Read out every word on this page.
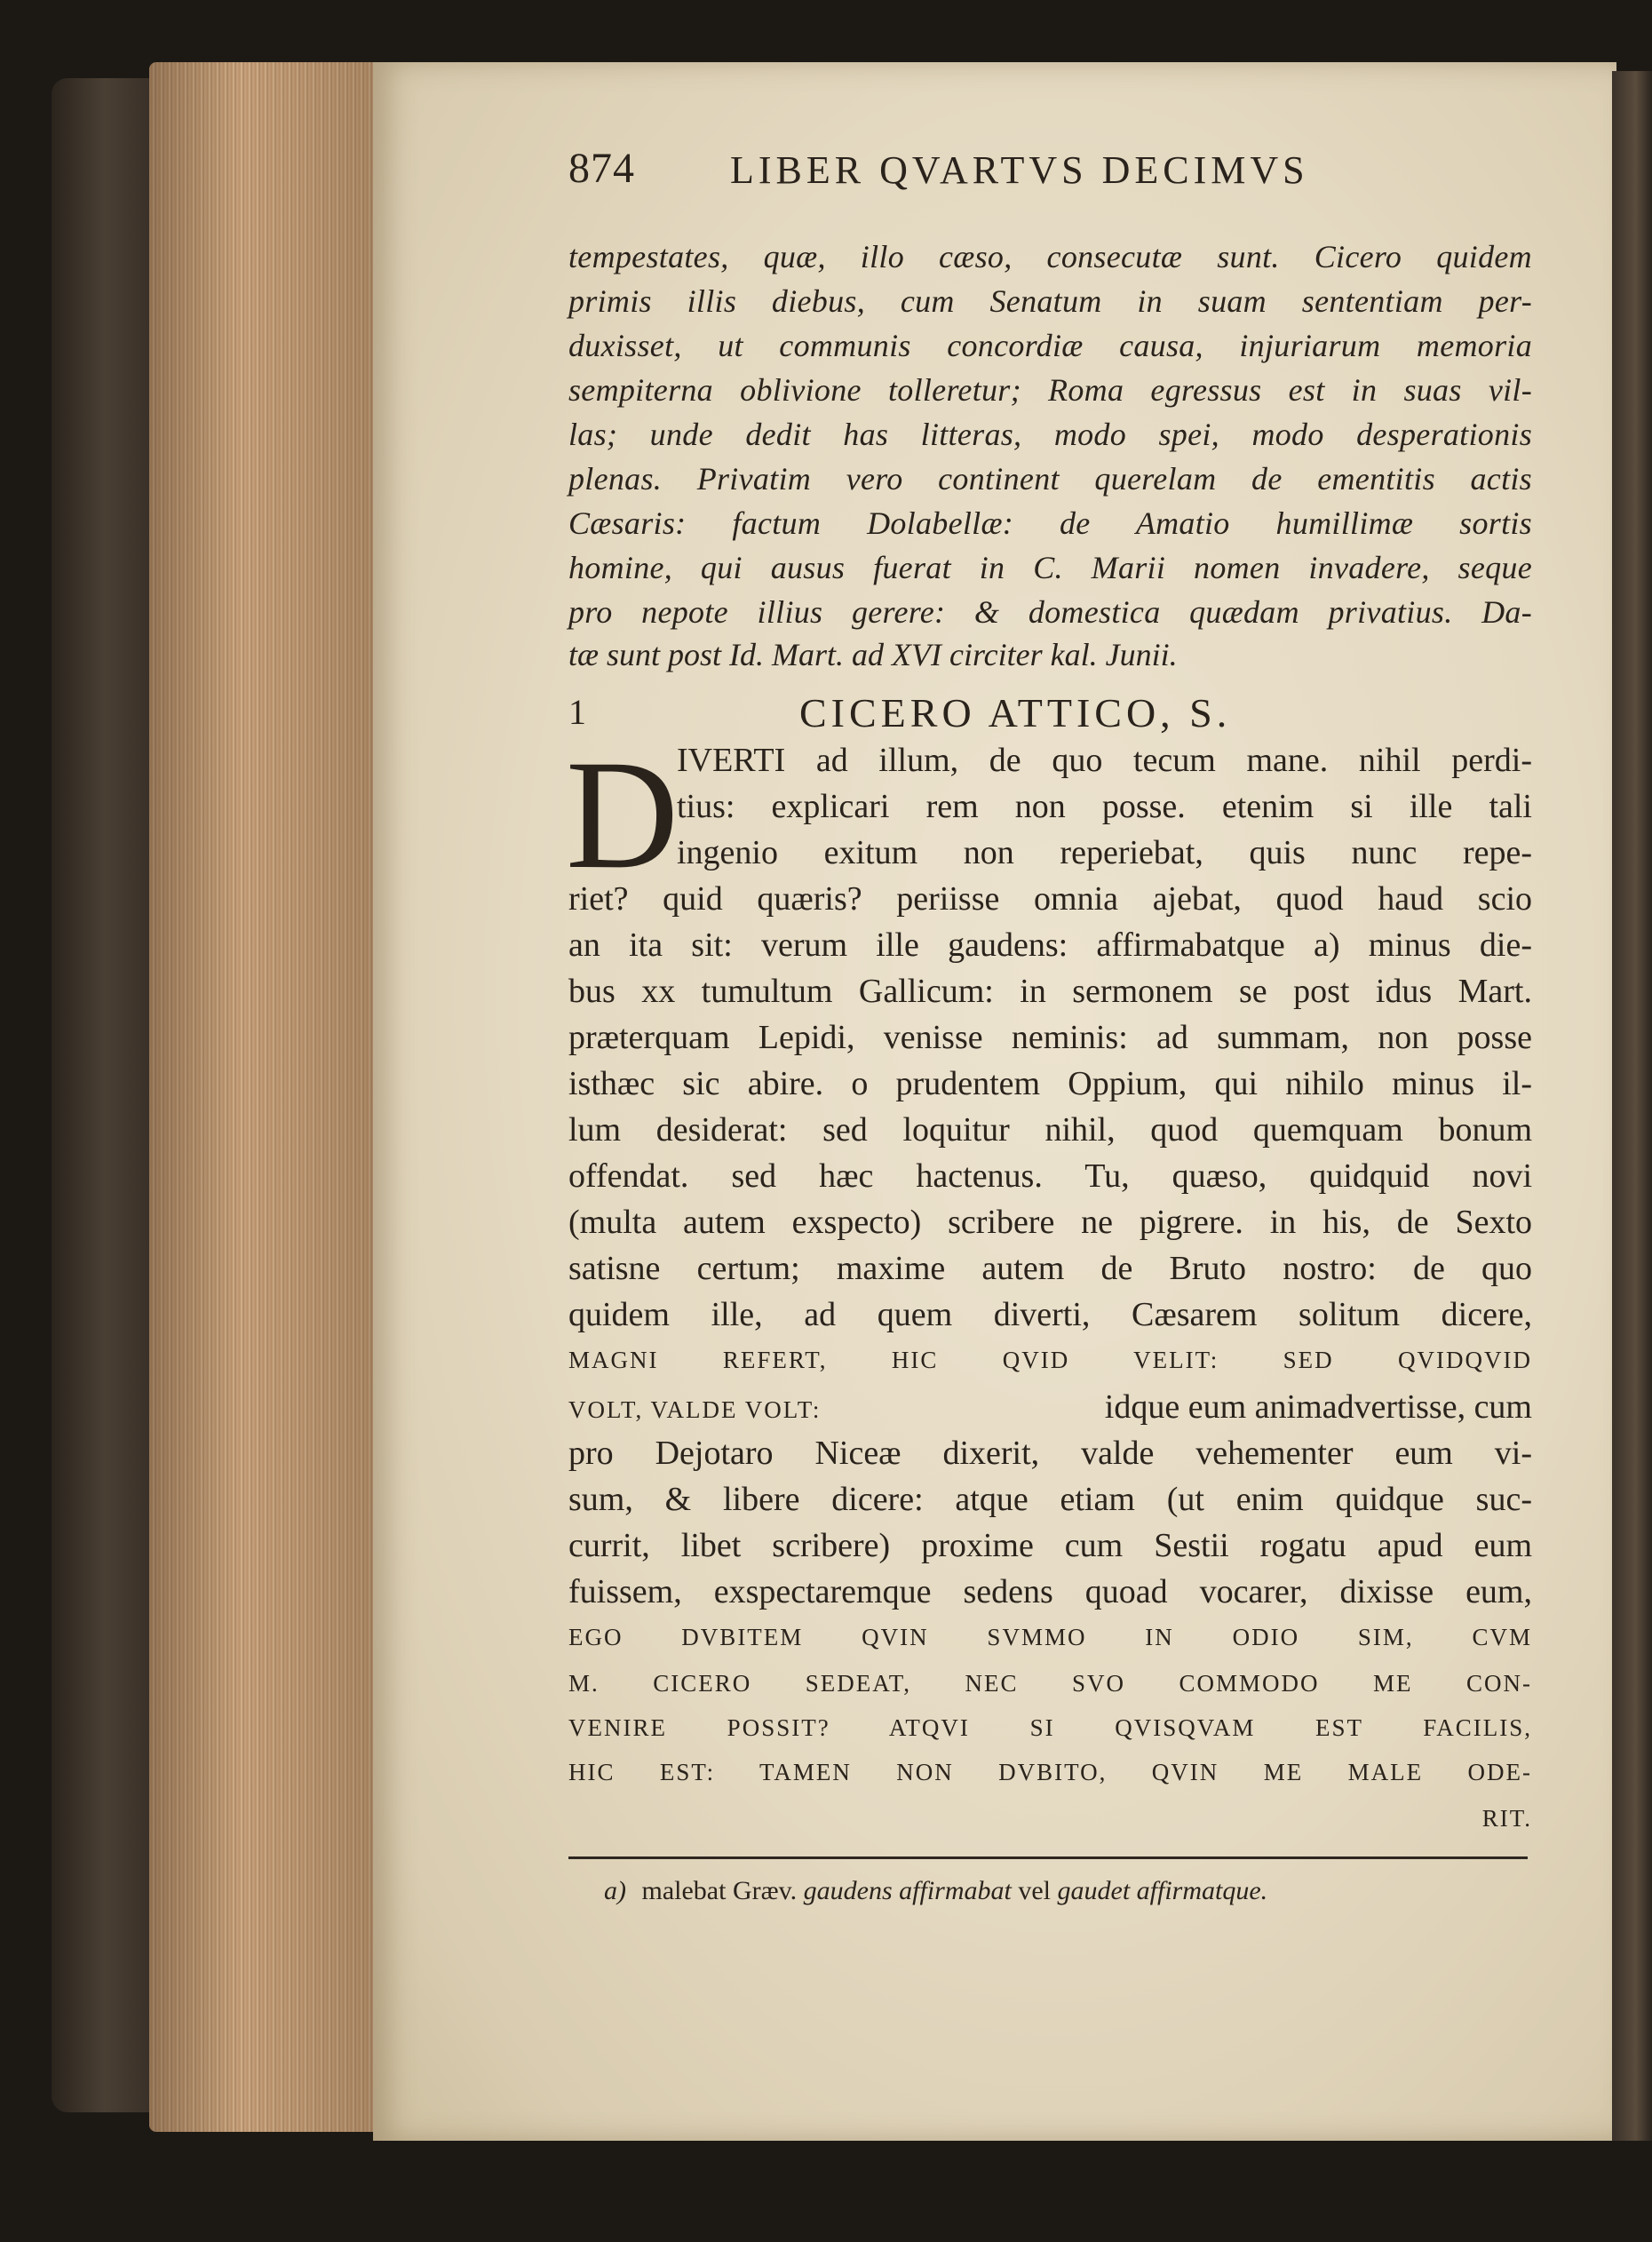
874 LIBER QVARTVS DECIMVS
tempestates, quæ, illo cæso, consecutæ sunt. Cicero quidem
primis illis diebus, cum Senatum in suam sententiam per-
duxisset, ut communis concordiæ causa, injuriarum memoria
sempiterna oblivione tolleretur; Roma egressus est in suas vil-
las; unde dedit has litteras, modo spei, modo desperationis
plenas. Privatim vero continent querelam de ementitis actis
Cæsaris: factum Dolabellæ: de Amatio humillimæ sortis
homine, qui ausus fuerat in C. Marii nomen invadere, seque
pro nepote illius gerere: & domestica quædam privatius. Da-
tæ sunt post Id. Mart. ad XVI circiter kal. Junii.
1	CICERO ATTICO, S.
D
IVERTI ad illum, de quo tecum mane. nihil perdi-
tius: explicari rem non posse. etenim si ille tali
ingenio exitum non reperiebat, quis nunc repe-
riet? quid quæris? periisse omnia ajebat, quod haud scio
an ita sit: verum ille gaudens: affirmabatque a) minus die-
bus xx tumultum Gallicum: in sermonem se post idus Mart.
præterquam Lepidi, venisse neminis: ad summam, non posse
isthæc sic abire. o prudentem Oppium, qui nihilo minus il-
lum desiderat: sed loquitur nihil, quod quemquam bonum
offendat. sed hæc hactenus. Tu, quæso, quidquid novi
(multa autem exspecto) scribere ne pigrere. in his, de Sexto
satisne certum; maxime autem de Bruto nostro: de quo
quidem ille, ad quem diverti, Cæsarem solitum dicere,
MAGNI REFERT, HIC QVID VELIT: SED QVIDQVID
VOLT, VALDE VOLT:	idque eum animadvertisse, cum
pro Dejotaro Niceæ dixerit, valde vehementer eum vi-
sum, & libere dicere: atque etiam (ut enim quidque suc-
currit, libet scribere) proxime cum Sestii rogatu apud eum
fuissem, exspectaremque sedens quoad vocarer, dixisse eum,
EGO DVBITEM QVIN SVMMO IN ODIO SIM, CVM
M. CICERO SEDEAT, NEC SVO COMMODO ME CON-
VENIRE POSSIT? ATQVI SI QVISQVAM EST FACILIS,
HIC EST: TAMEN NON DVBITO, QVIN ME MALE ODE-
RIT.
a) malebat Græv. gaudens affirmabat vel gaudet affirmatque.
